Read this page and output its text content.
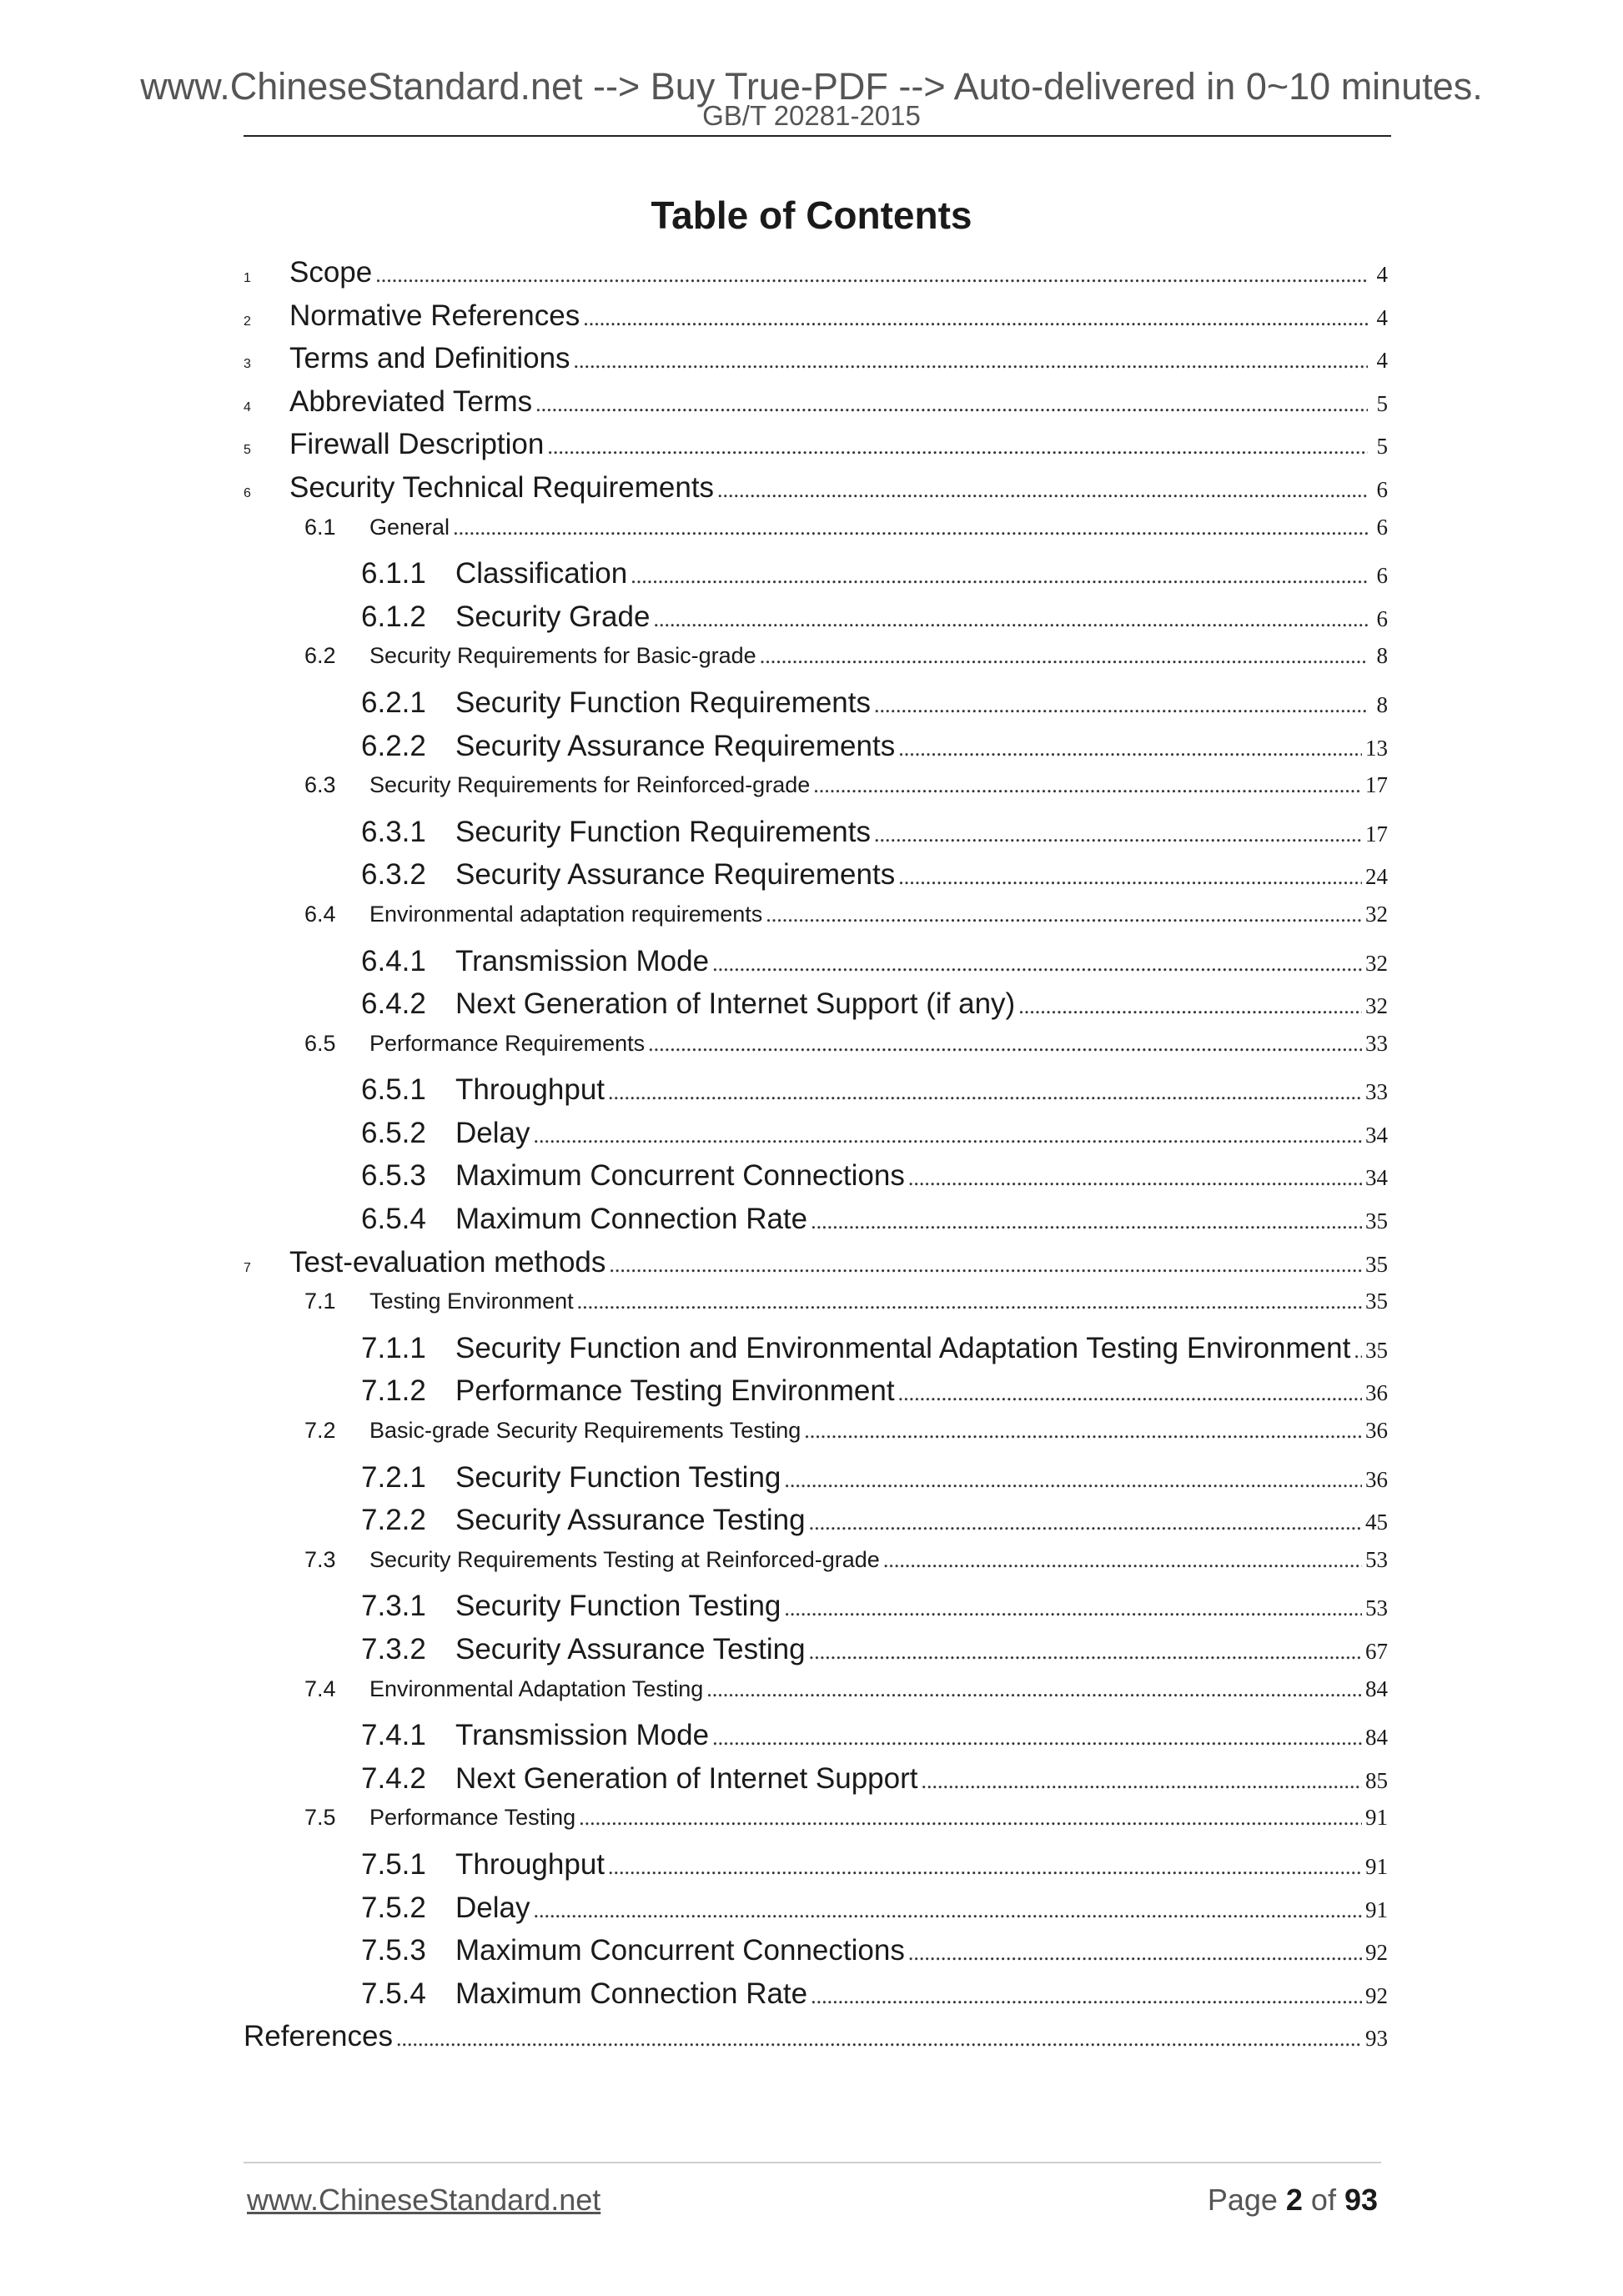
www.ChineseStandard.net --> Buy True-PDF --> Auto-delivered in 0~10 minutes.
GB/T 20281-2015
Table of Contents
1	Scope .....	4
2	Normative References .....	4
3	Terms and Definitions .....	4
4	Abbreviated Terms .....	5
5	Firewall Description .....	5
6	Security Technical Requirements .....	6
6.1	General .....	6
6.1.1	Classification .....	6
6.1.2	Security Grade .....	6
6.2	Security Requirements for Basic-grade .....	8
6.2.1	Security Function Requirements .....	8
6.2.2	Security Assurance Requirements .....	13
6.3	Security Requirements for Reinforced-grade .....	17
6.3.1	Security Function Requirements .....	17
6.3.2	Security Assurance Requirements .....	24
6.4	Environmental adaptation requirements .....	32
6.4.1	Transmission Mode .....	32
6.4.2	Next Generation of Internet Support (if any) .....	32
6.5	Performance Requirements .....	33
6.5.1	Throughput .....	33
6.5.2	Delay .....	34
6.5.3	Maximum Concurrent Connections .....	34
6.5.4	Maximum Connection Rate .....	35
7	Test-evaluation methods .....	35
7.1	Testing Environment .....	35
7.1.1	Security Function and Environmental Adaptation Testing Environment ..... 35
7.1.2	Performance Testing Environment .....	36
7.2	Basic-grade Security Requirements Testing .....	36
7.2.1	Security Function Testing .....	36
7.2.2	Security Assurance Testing .....	45
7.3	Security Requirements Testing at Reinforced-grade .....	53
7.3.1	Security Function Testing .....	53
7.3.2	Security Assurance Testing .....	67
7.4	Environmental Adaptation Testing .....	84
7.4.1	Transmission Mode .....	84
7.4.2	Next Generation of Internet Support .....	85
7.5	Performance Testing .....	91
7.5.1	Throughput .....	91
7.5.2	Delay .....	91
7.5.3	Maximum Concurrent Connections .....	92
7.5.4	Maximum Connection Rate .....	92
References .....	93
www.ChineseStandard.net	Page 2 of 93
